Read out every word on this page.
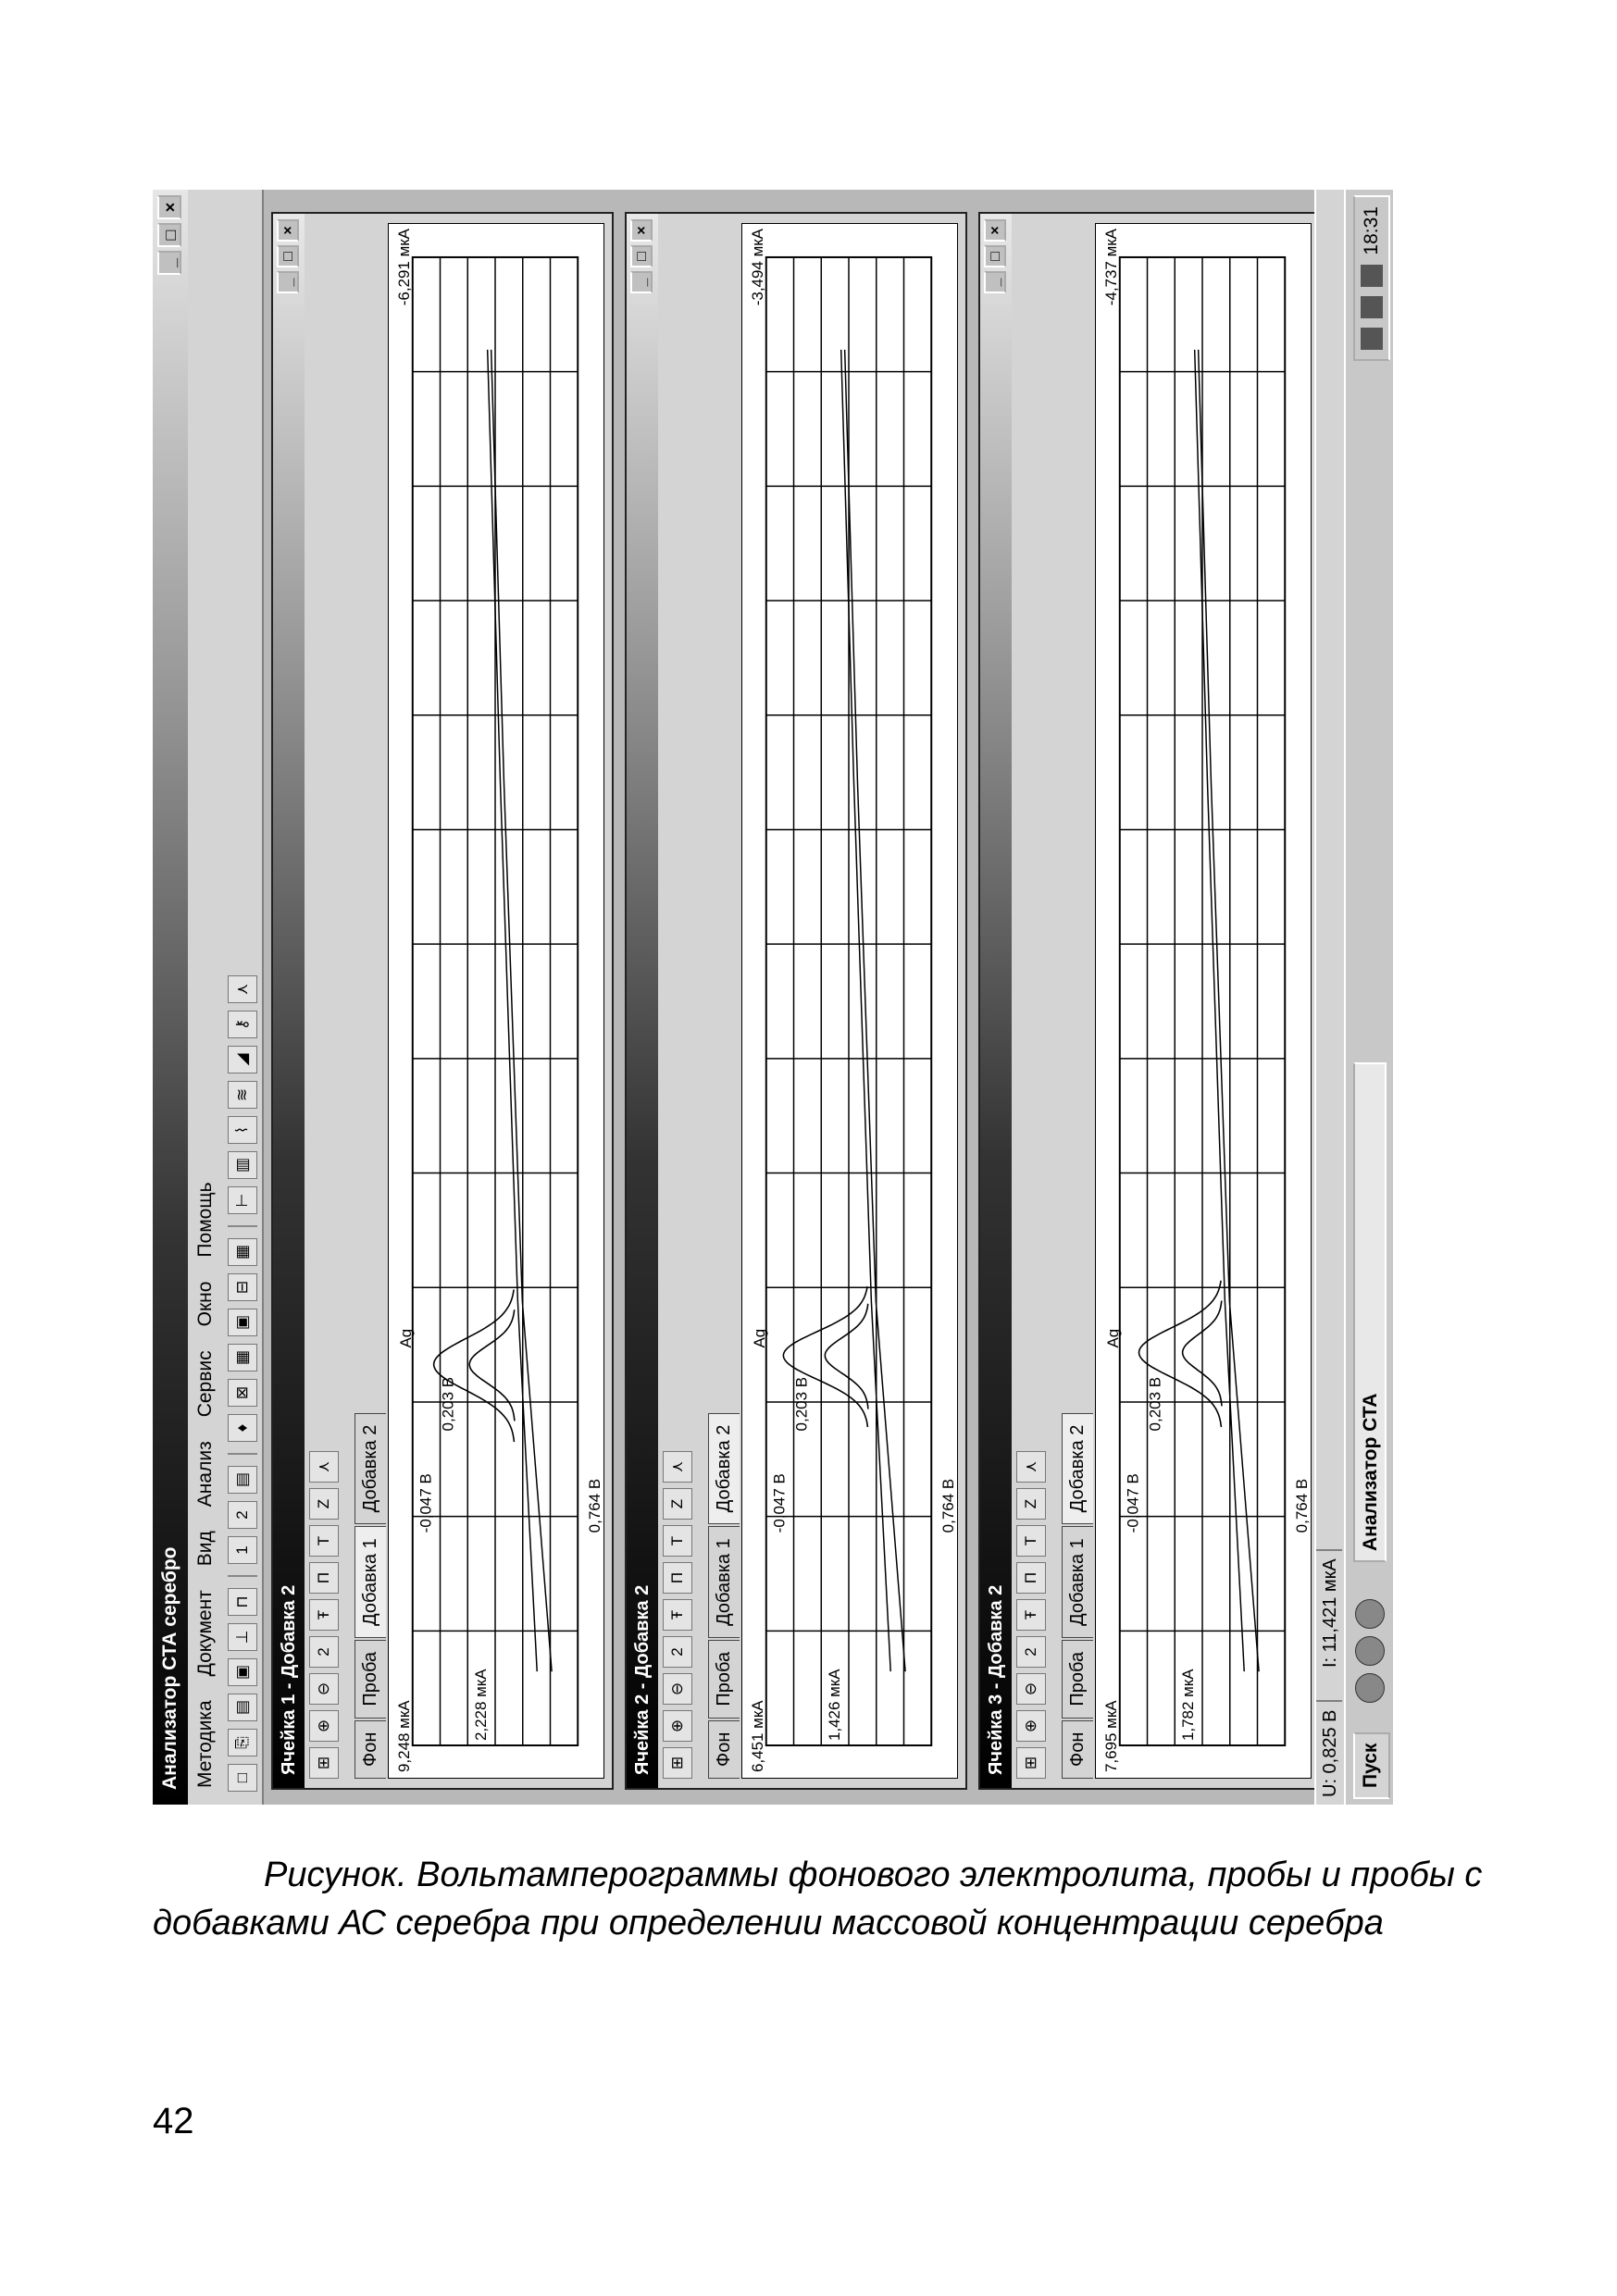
Анализатор СТА серебро
_
□
×
Методика
Документ
Вид
Анализ
Сервис
Окно
Помощь
□
⎘
▤
▣
⊥
⊓
1
2
▤
♦
⊠
▦
▣
⊟
▦
⊢
▥
⌇
≋
◢
⚷
⋏
Ячейка 1 - Добавка 2
_
□
×
⊞
⊕
⊖
2
Ŧ
П
Т
Z
⋏
Фон
Проба
Добавка 1
Добавка 2
9,248 мкА
-6,291 мкА
-0,047 В	0,764 В
0,203 В
2,228 мкА
Ag
Ячейка 2 - Добавка 2
_
□
×
⊞
⊕
⊖
2
Ŧ
П
Т
Z
⋏
Фон
Проба
Добавка 1
Добавка 2
6,451 мкА
-3,494 мкА
-0,047 В	0,764 В
0,203 В
1,426 мкА
Ag
Ячейка 3 - Добавка 2
_
□
×
⊞
⊕
⊖
2
Ŧ
П
Т
Z
⋏
Фон
Проба
Добавка 1
Добавка 2
7,695 мкА
-4,737 мкА
-0,047 В	0,764 В
0,203 В
1,782 мкА
Ag
U: 0,825 В
I: 11,421 мкА
Пуск
Анализатор СТА
18:31

Рисунок. Вольтамперограммы фонового электролита, пробы и пробы с добавками АС серебра при определении массовой концентрации серебра

42
